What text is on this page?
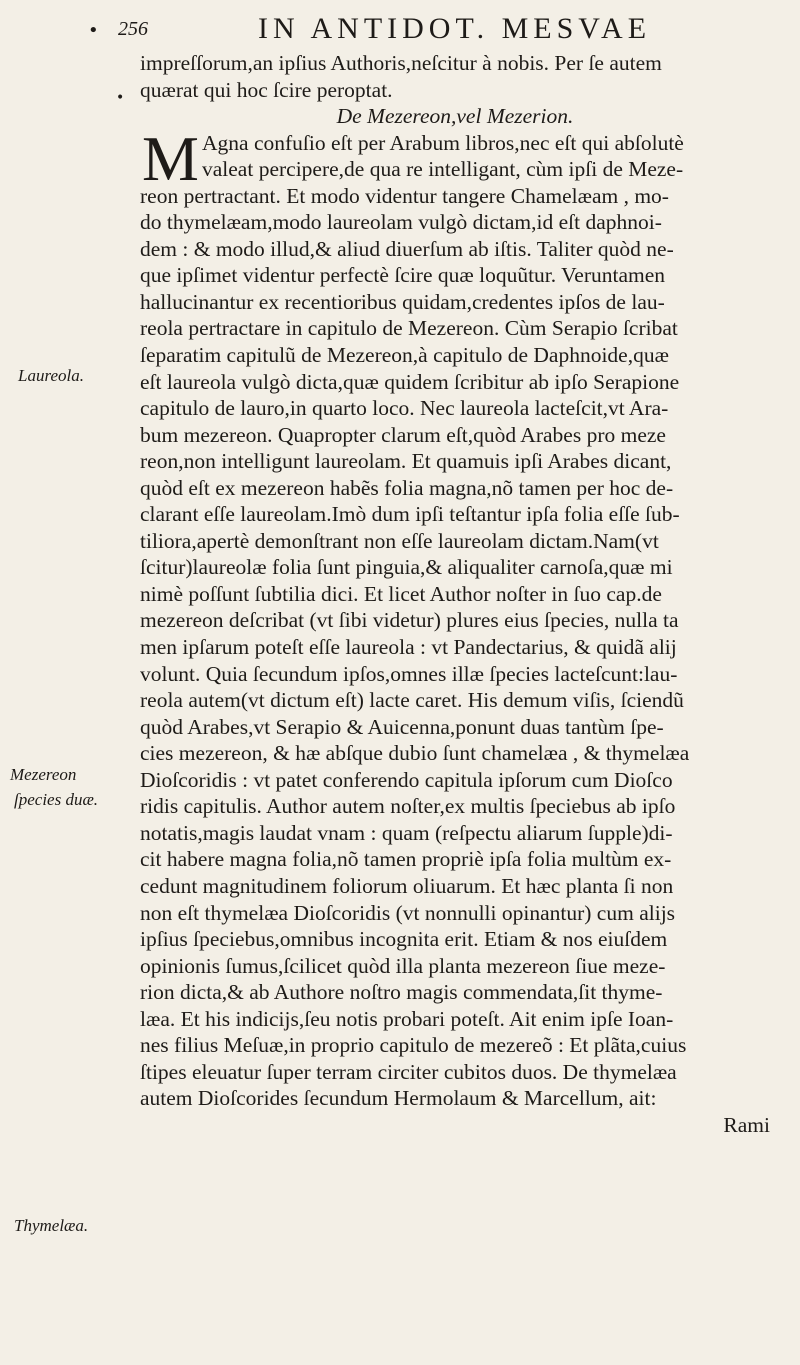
• 256	IN ANTIDOT. MESVAE
•
M
impreſſorum,an ipſius Authoris,neſcitur à nobis. Per ſe autem
quærat qui hoc ſcire peroptat.
De Mezereon,vel Mezerion.
Agna confuſio eſt per Arabum libros,nec eſt qui abſolutè
valeat percipere,de qua re intelligant, cùm ipſi de Meze-
reon pertractant. Et modo videntur tangere Chamelæam , mo-
do thymelæam,modo laureolam vulgò dictam,id eſt daphnoi-
dem : & modo illud,& aliud diuerſum ab iſtis. Taliter quòd ne-
que ipſimet videntur perfectè ſcire quæ loquũtur. Veruntamen
hallucinantur ex recentioribus quidam,credentes ipſos de lau-
reola pertractare in capitulo de Mezereon. Cùm Serapio ſcribat
ſeparatim capitulũ de Mezereon,à capitulo de Daphnoide,quæ
eſt laureola vulgò dicta,quæ quidem ſcribitur ab ipſo Serapione
capitulo de lauro,in quarto loco. Nec laureola lacteſcit,vt Ara-
bum mezereon. Quapropter clarum eſt,quòd Arabes pro meze
reon,non intelligunt laureolam. Et quamuis ipſi Arabes dicant,
quòd eſt ex mezereon habẽs folia magna,nõ tamen per hoc de-
clarant eſſe laureolam.Imò dum ipſi teſtantur ipſa folia eſſe ſub-
tiliora,apertè demonſtrant non eſſe laureolam dictam.Nam(vt
ſcitur)laureolæ folia ſunt pinguia,& aliqualiter carnoſa,quæ mi
nimè poſſunt ſubtilia dici. Et licet Author noſter in ſuo cap.de
mezereon deſcribat (vt ſibi videtur) plures eius ſpecies, nulla ta
men ipſarum poteſt eſſe laureola : vt Pandectarius, & quidã alij
volunt. Quia ſecundum ipſos,omnes illæ ſpecies lacteſcunt:lau-
reola autem(vt dictum eſt) lacte caret. His demum viſis, ſciendũ
quòd Arabes,vt Serapio & Auicenna,ponunt duas tantùm ſpe-
cies mezereon, & hæ abſque dubio ſunt chamelæa , & thymelæa
Dioſcoridis : vt patet conferendo capitula ipſorum cum Dioſco
ridis capitulis. Author autem noſter,ex multis ſpeciebus ab ipſo
notatis,magis laudat vnam : quam (reſpectu aliarum ſupple)di-
cit habere magna folia,nõ tamen propriè ipſa folia multùm ex-
cedunt magnitudinem foliorum oliuarum. Et hæc planta ſi non
non eſt thymelæa Dioſcoridis (vt nonnulli opinantur) cum alijs
ipſius ſpeciebus,omnibus incognita erit. Etiam & nos eiuſdem
opinionis ſumus,ſcilicet quòd illa planta mezereon ſiue meze-
rion dicta,& ab Authore noſtro magis commendata,ſit thyme-
læa. Et his indicijs,ſeu notis probari poteſt. Ait enim ipſe Ioan-
nes filius Meſuæ,in proprio capitulo de mezereõ : Et plãta,cuius
ſtipes eleuatur ſuper terram circiter cubitos duos. De thymelæa
autem Dioſcorides ſecundum Hermolaum & Marcellum, ait:
Rami
Laureola.
Mezereon
ſpecies duæ.
Thymelæa.
